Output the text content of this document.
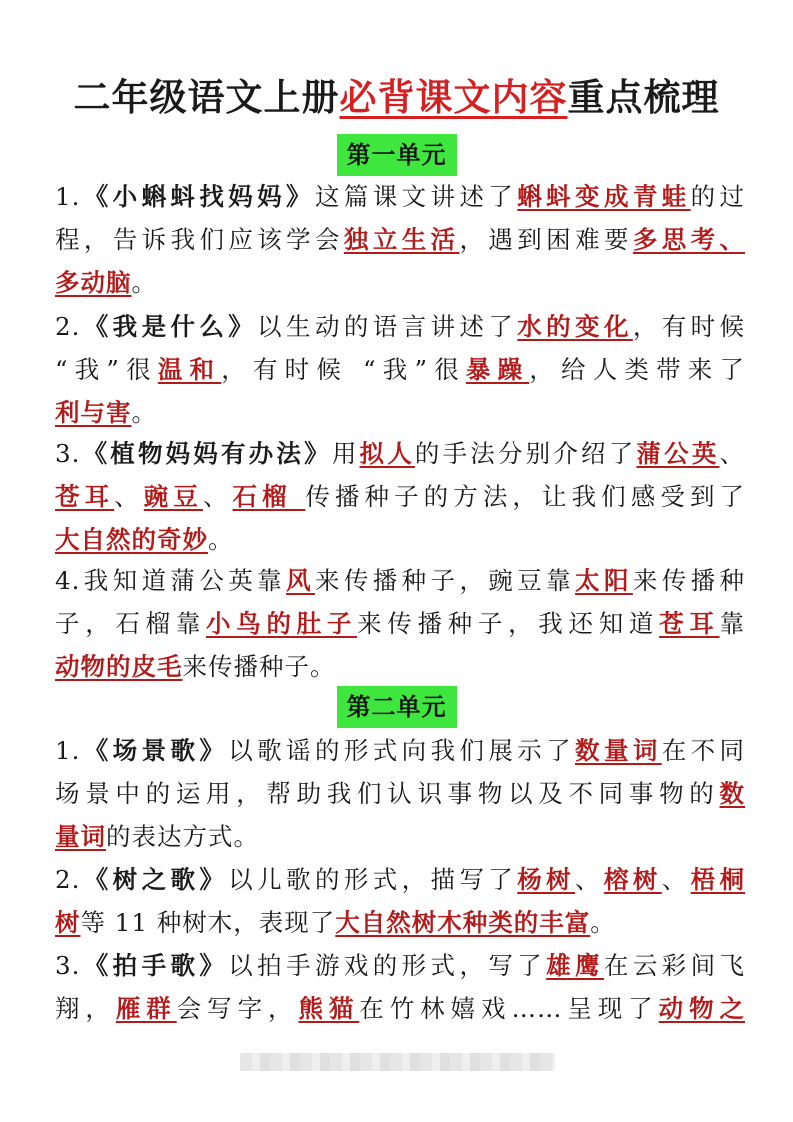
二年级语文上册必背课文内容重点梳理
第一单元
1.《小蝌蚪找妈妈》这篇课文讲述了蝌蚪变成青蛙的过
程，告诉我们应该学会独立生活，遇到困难要多思考、
多动脑。
2.《我是什么》以生动的语言讲述了水的变化，有时候
“我”很温和，有时候 “我”很暴躁，给人类带来了
利与害。
3.《植物妈妈有办法》用拟人的手法分别介绍了蒲公英、
苍耳、豌豆、石榴 传播种子的方法，让我们感受到了
大自然的奇妙。
4.我知道蒲公英靠风来传播种子，豌豆靠太阳来传播种
子，石榴靠小鸟的肚子来传播种子，我还知道苍耳靠
动物的皮毛来传播种子。
第二单元
1.《场景歌》以歌谣的形式向我们展示了数量词在不同
场景中的运用，帮助我们认识事物以及不同事物的数
量词的表达方式。
2.《树之歌》以儿歌的形式，描写了杨树、榕树、梧桐
树等 11 种树木，表现了大自然树木种类的丰富。
3.《拍手歌》以拍手游戏的形式，写了雄鹰在云彩间飞
翔，雁群会写字，熊猫在竹林嬉戏……呈现了动物之
